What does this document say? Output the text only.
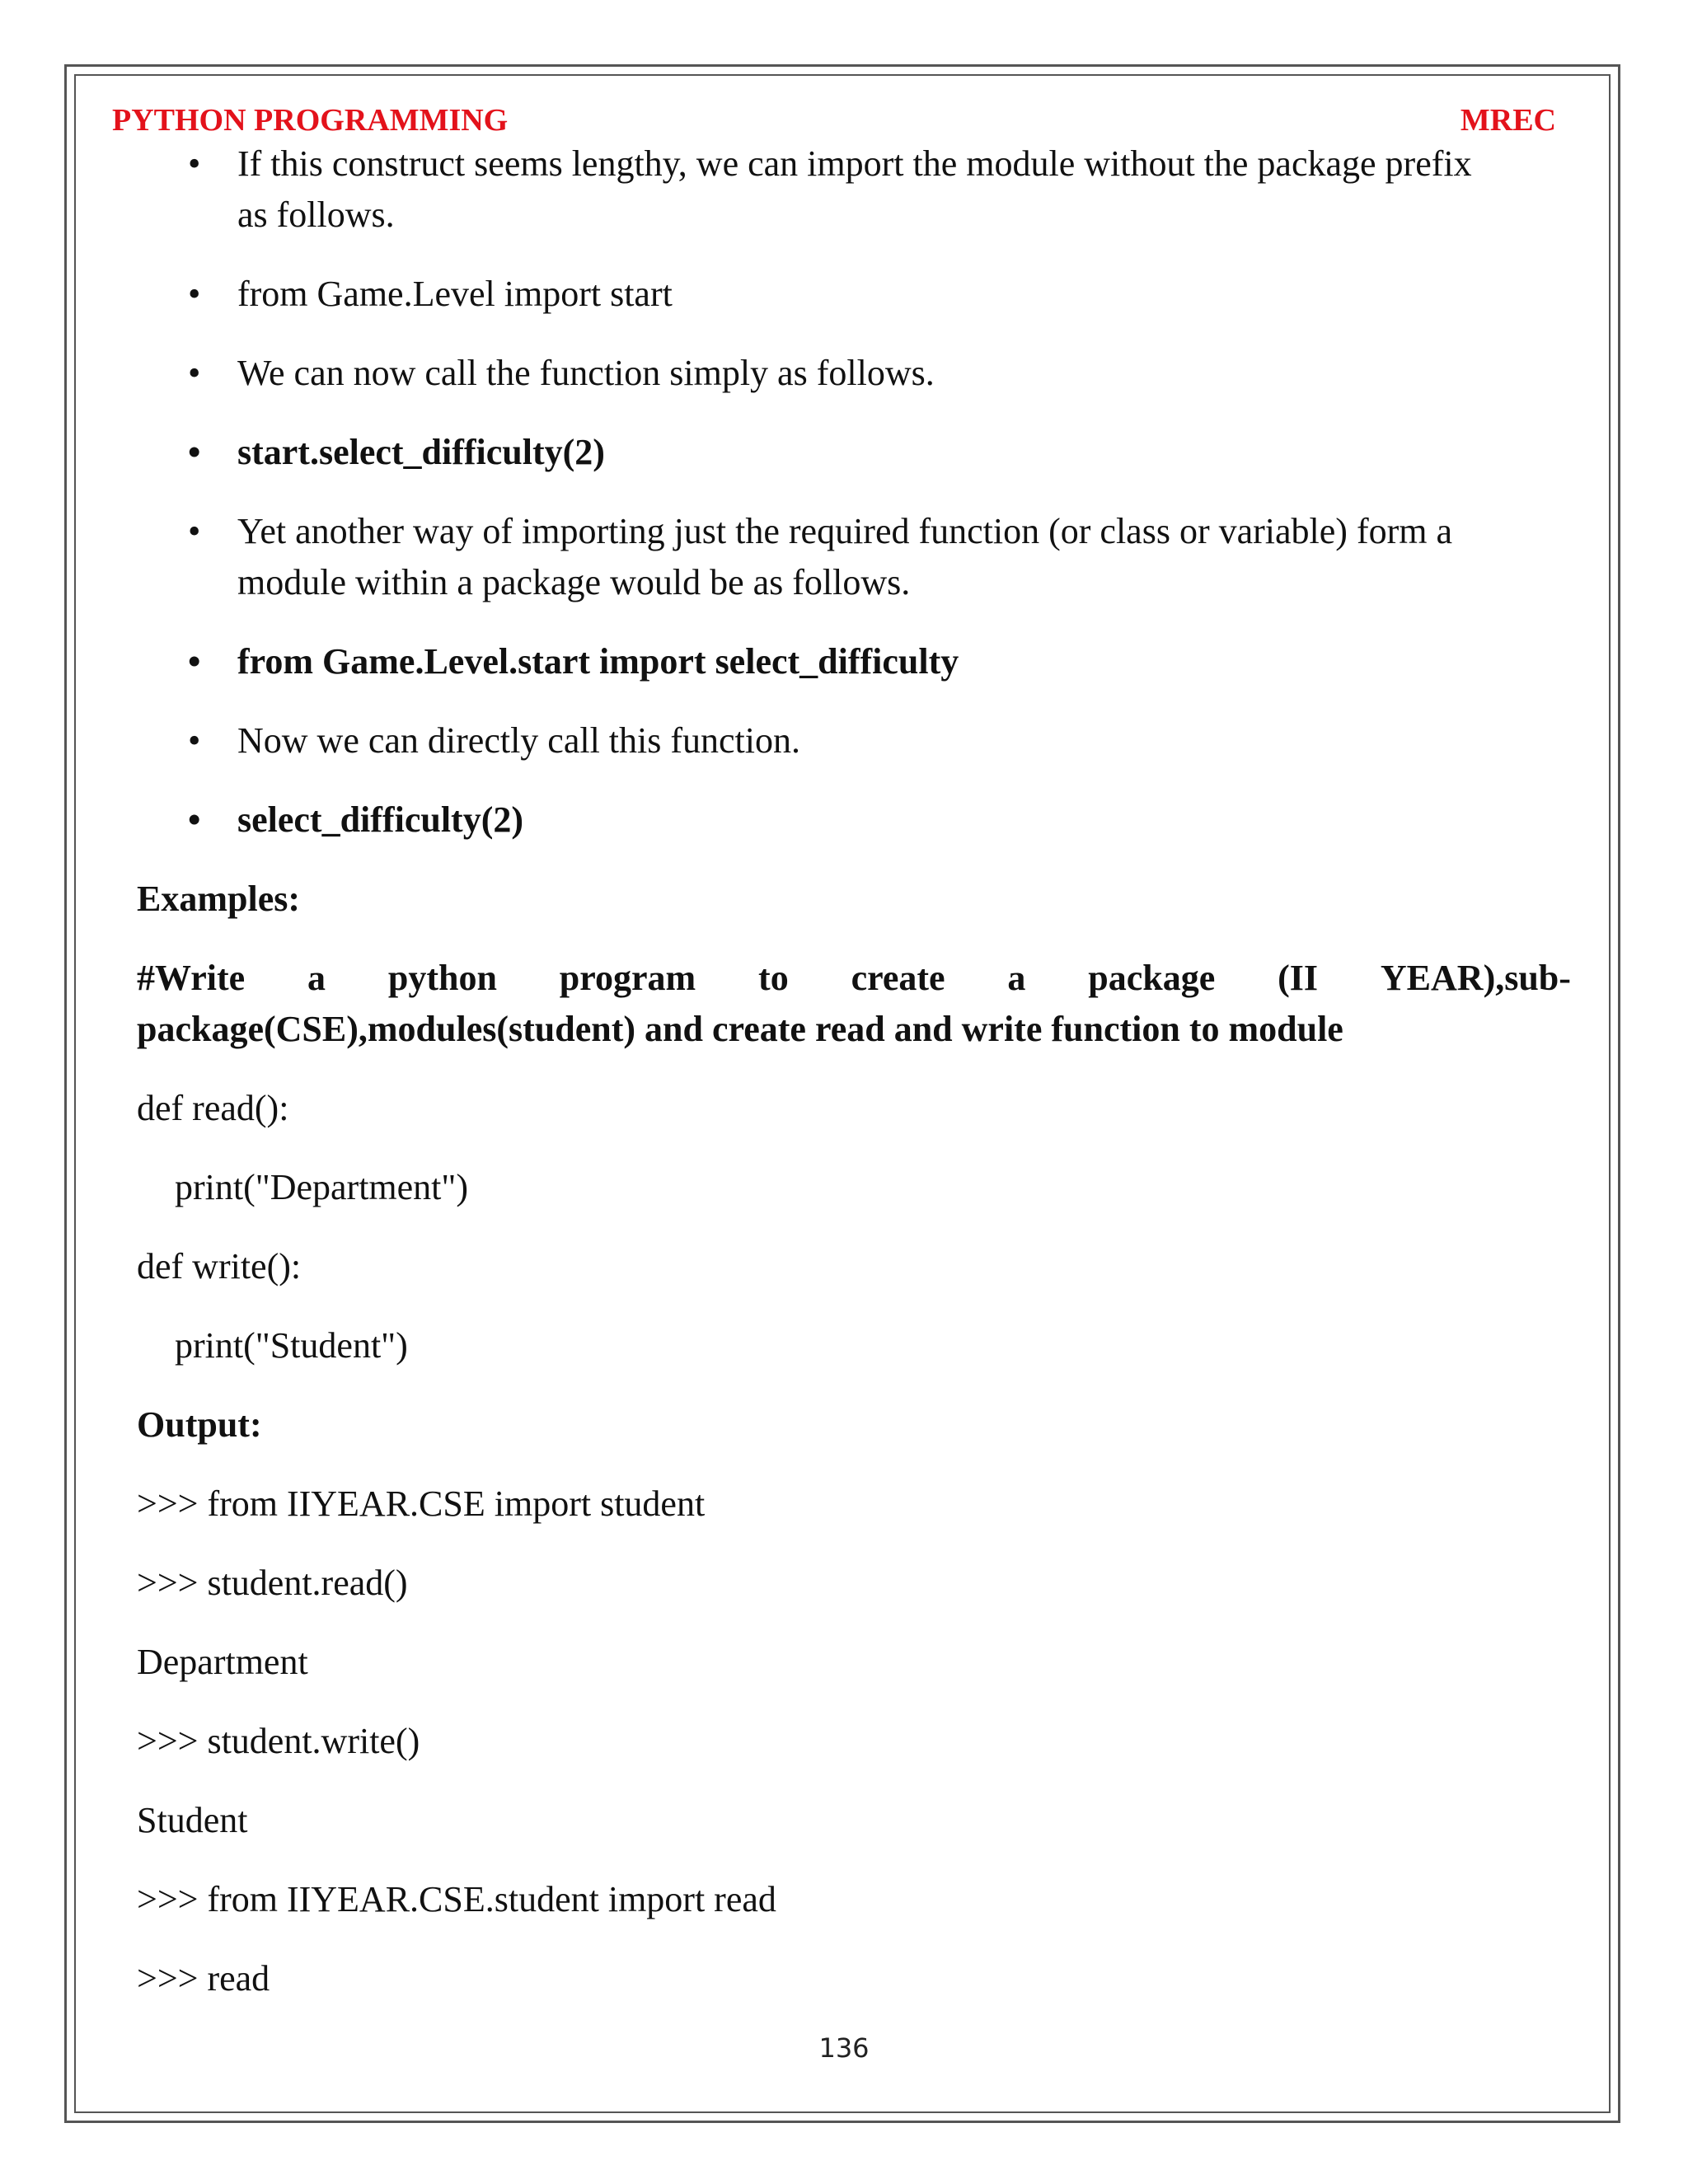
PYTHON PROGRAMMING	MREC
• If this construct seems lengthy, we can import the module without the package prefix
as follows.
• from Game.Level import start
• We can now call the function simply as follows.
• start.select_difficulty(2)
• Yet another way of importing just the required function (or class or variable) form a
module within a package would be as follows.
• from Game.Level.start import select_difficulty
• Now we can directly call this function.
• select_difficulty(2)
Examples:
#Write a python program to create a package (II YEAR),sub-
package(CSE),modules(student) and create read and write function to module
def read():
print("Department")
def write():
print("Student")
Output:
>>> from IIYEAR.CSE import student
>>> student.read()
Department
>>> student.write()
Student
>>> from IIYEAR.CSE.student import read
>>> read
136
